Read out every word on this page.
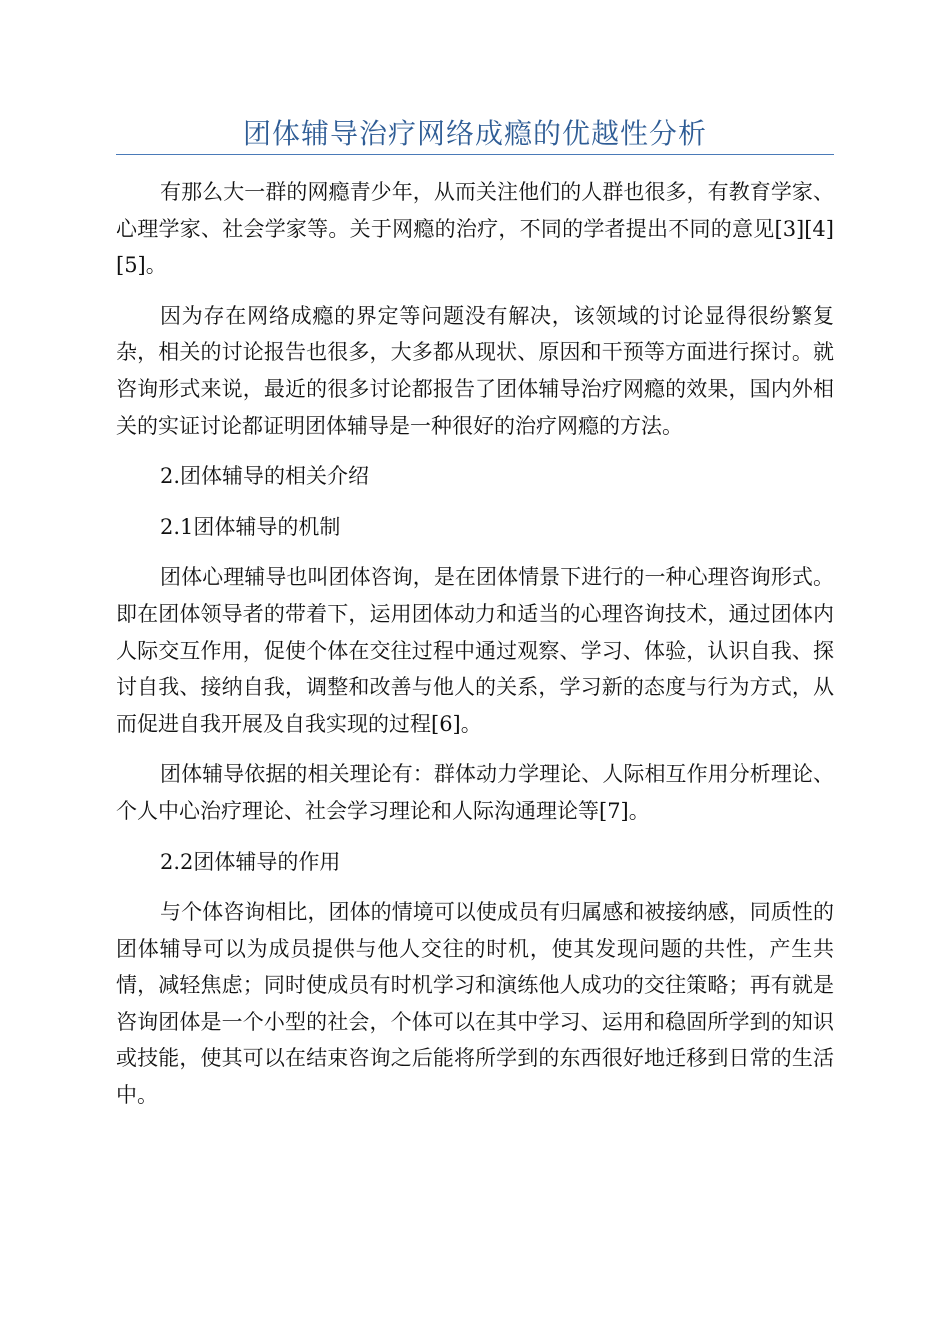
团体辅导治疗网络成瘾的优越性分析

有那么大一群的网瘾青少年，从而关注他们的人群也很多，有教育学家、心理学家、社会学家等。关于网瘾的治疗，不同的学者提出不同的意见[3][4][5]。

因为存在网络成瘾的界定等问题没有解决，该领域的讨论显得很纷繁复杂，相关的讨论报告也很多，大多都从现状、原因和干预等方面进行探讨。就咨询形式来说，最近的很多讨论都报告了团体辅导治疗网瘾的效果，国内外相关的实证讨论都证明团体辅导是一种很好的治疗网瘾的方法。

2.团体辅导的相关介绍

2.1团体辅导的机制

团体心理辅导也叫团体咨询，是在团体情景下进行的一种心理咨询形式。即在团体领导者的带着下，运用团体动力和适当的心理咨询技术，通过团体内人际交互作用，促使个体在交往过程中通过观察、学习、体验，认识自我、探讨自我、接纳自我，调整和改善与他人的关系，学习新的态度与行为方式，从而促进自我开展及自我实现的过程[6]。

团体辅导依据的相关理论有：群体动力学理论、人际相互作用分析理论、个人中心治疗理论、社会学习理论和人际沟通理论等[7]。

2.2团体辅导的作用

与个体咨询相比，团体的情境可以使成员有归属感和被接纳感，同质性的团体辅导可以为成员提供与他人交往的时机，使其发现问题的共性，产生共情，减轻焦虑；同时使成员有时机学习和演练他人成功的交往策略；再有就是咨询团体是一个小型的社会，个体可以在其中学习、运用和稳固所学到的知识或技能，使其可以在结束咨询之后能将所学到的东西很好地迁移到日常的生活中。
